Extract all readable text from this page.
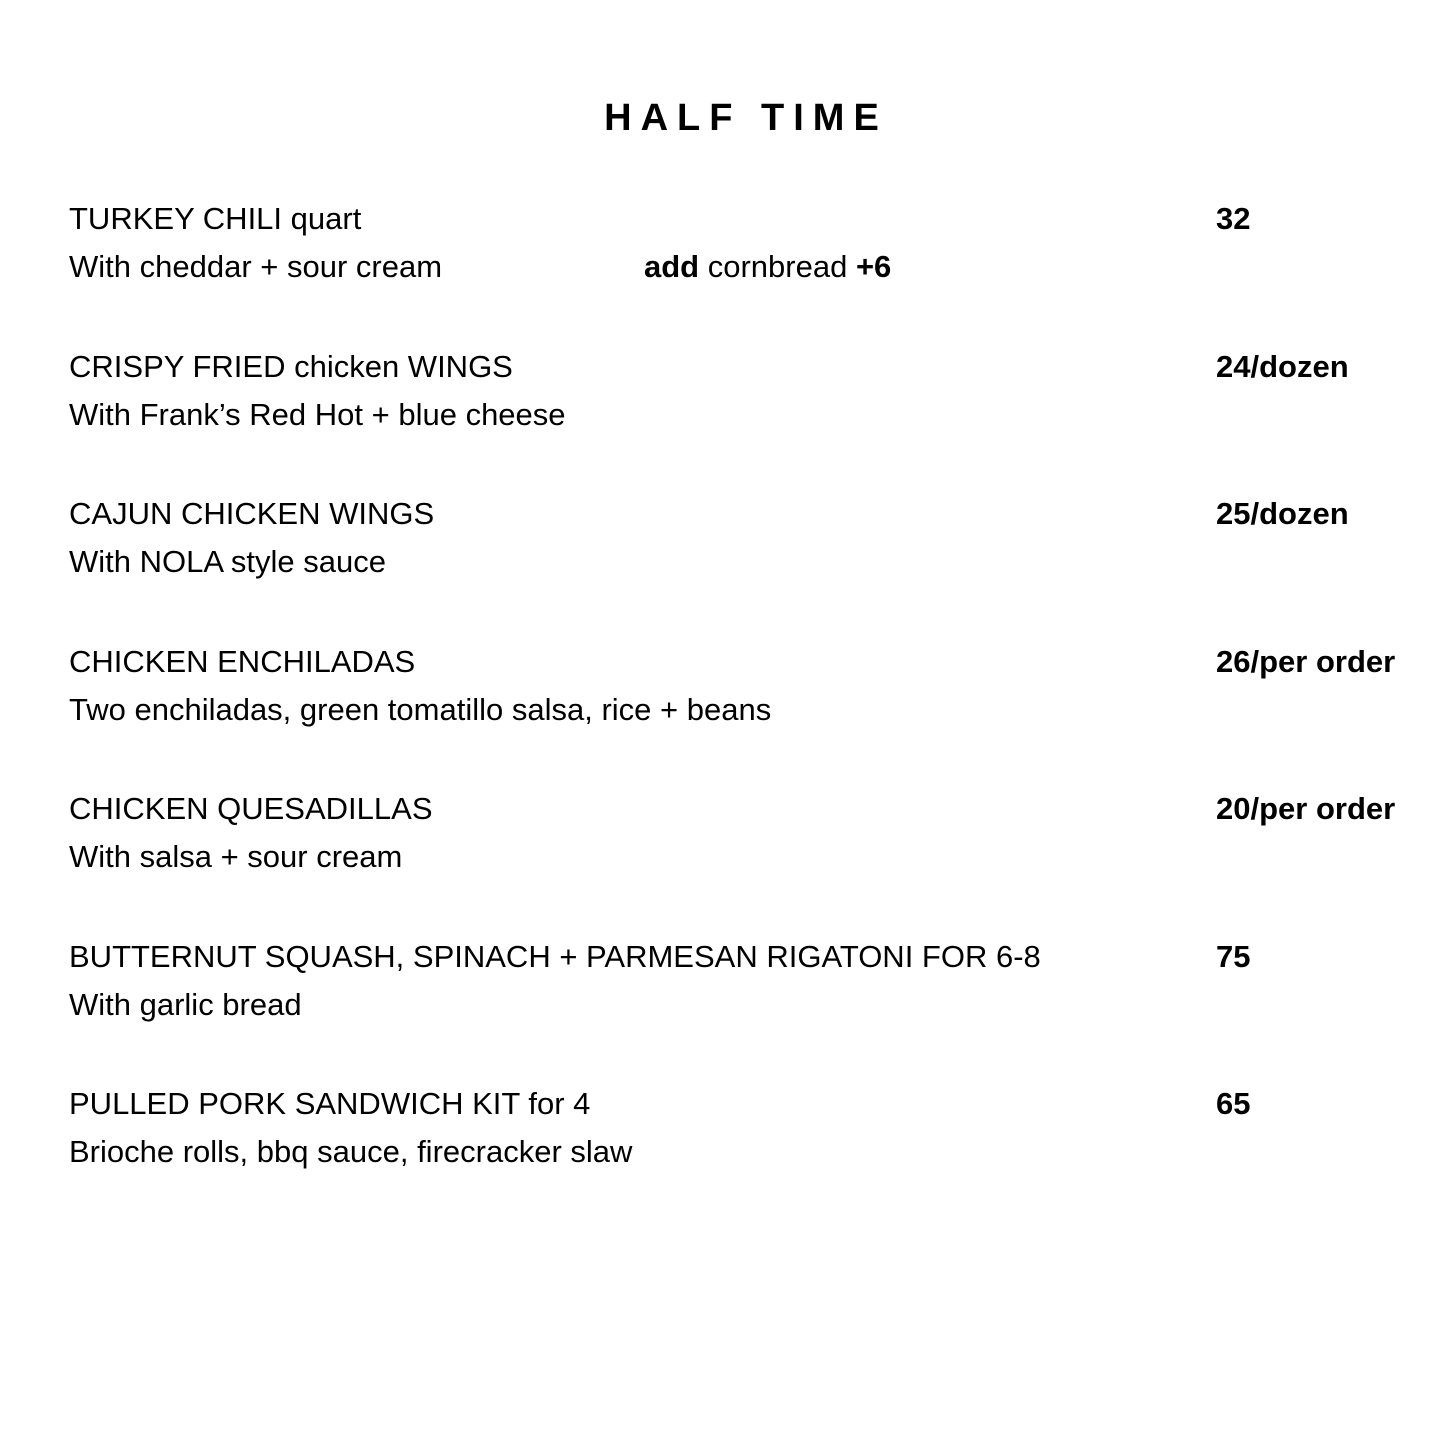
HALF TIME
TURKEY CHILI quart
With cheddar + sour cream	add cornbread +6
32
CRISPY FRIED chicken WINGS
With Frank’s Red Hot + blue cheese
24/dozen
CAJUN CHICKEN WINGS
With NOLA style sauce
25/dozen
CHICKEN ENCHILADAS
Two enchiladas, green tomatillo salsa, rice + beans
26/per order
CHICKEN QUESADILLAS
With salsa + sour cream
20/per order
BUTTERNUT SQUASH, SPINACH + PARMESAN RIGATONI FOR 6-8
With garlic bread
75
PULLED PORK SANDWICH KIT for 4
Brioche rolls, bbq sauce, firecracker slaw
65
